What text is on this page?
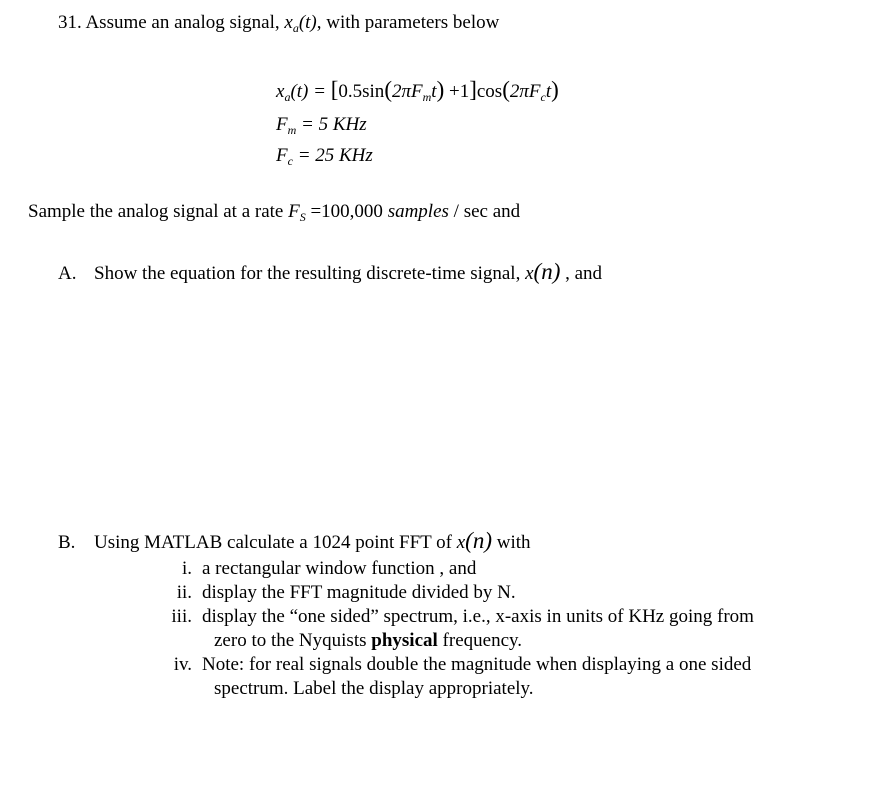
31. Assume an analog signal, $x_a(t)$, with parameters below
$x_a(t) = [0.5\sin(2\pi F_mt) +1]\cos(2\pi F_ct)$
$F_m = 5$ KHz
$F_c = 25$ KHz
Sample the analog signal at a rate $F_S =100,000$ samples / sec and
A. Show the equation for the resulting discrete-time signal, x(n) , and
B. Using MATLAB calculate a 1024 point FFT of x(n) with
i. a rectangular window function , and
ii. display the FFT magnitude divided by N.
iii. display the “one sided” spectrum, i.e., x-axis in units of KHz going from
zero to the Nyquists physical frequency.
iv. Note: for real signals double the magnitude when displaying a one sided
spectrum. Label the display appropriately.
